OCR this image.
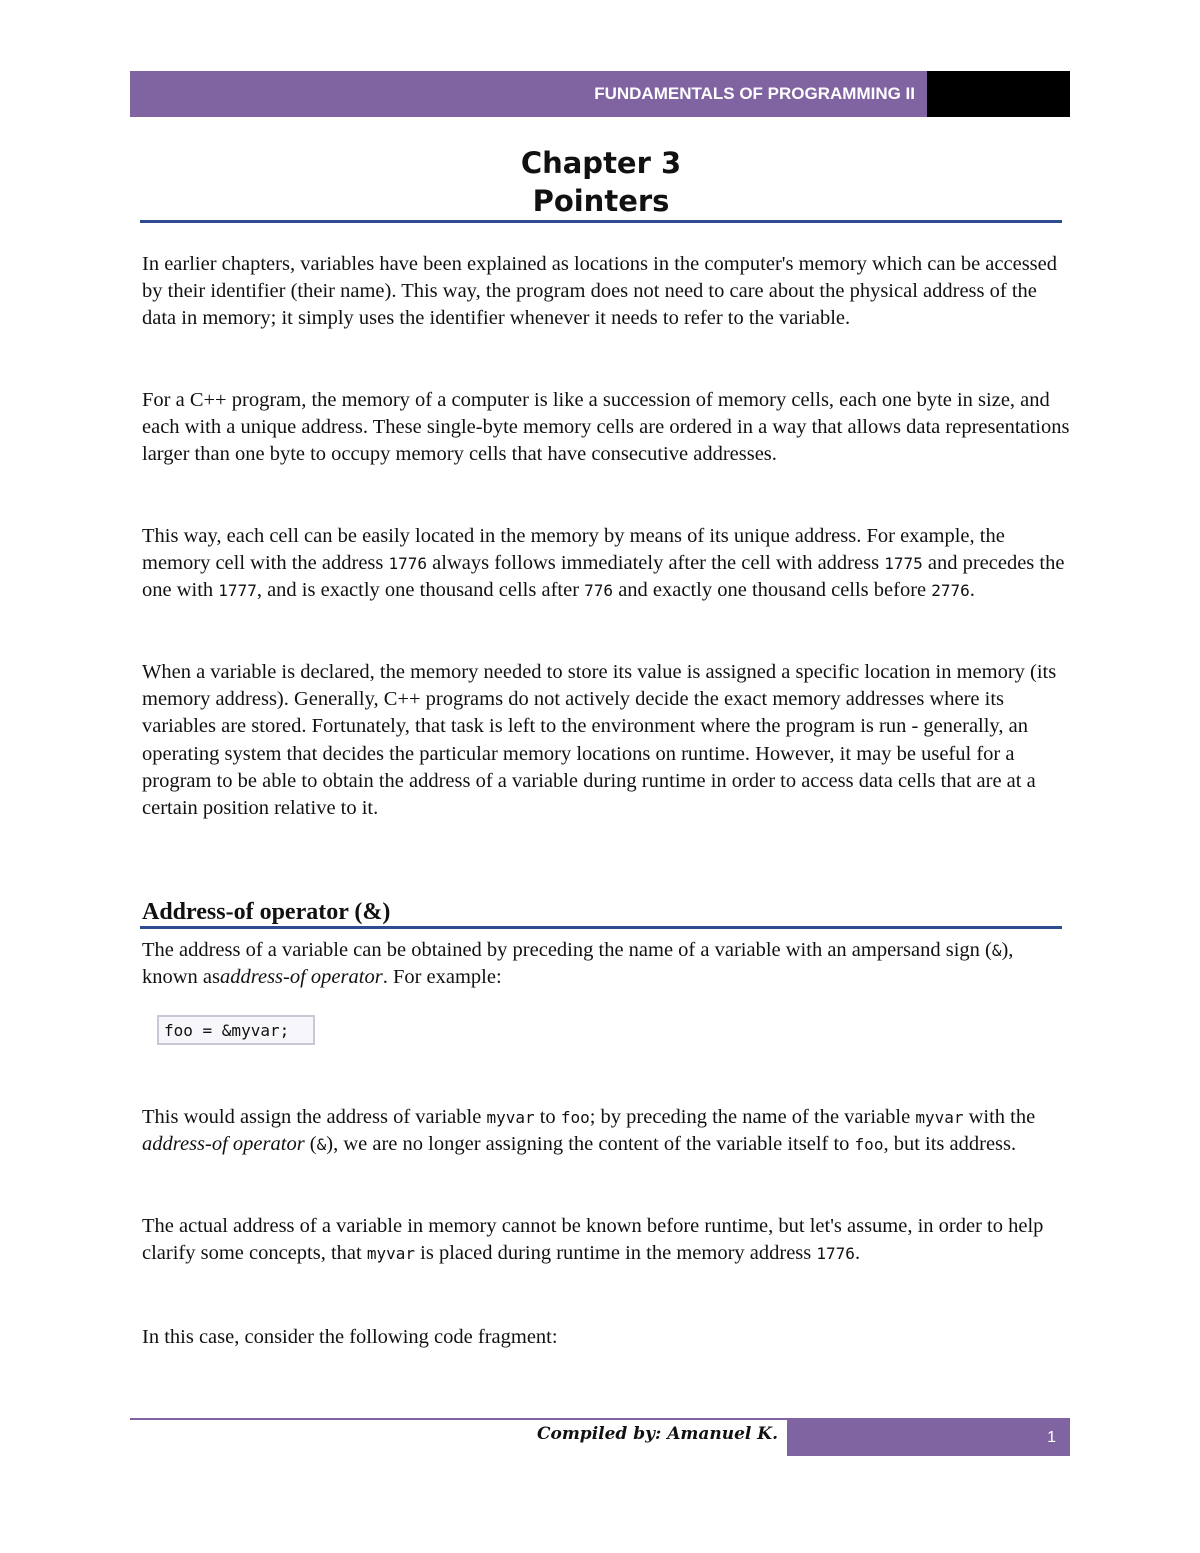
FUNDAMENTALS OF PROGRAMMING II
Chapter 3
Pointers

In earlier chapters, variables have been explained as locations in the computer's memory which can be accessed by their identifier (their name). This way, the program does not need to care about the physical address of the data in memory; it simply uses the identifier whenever it needs to refer to the variable.

For a C++ program, the memory of a computer is like a succession of memory cells, each one byte in size, and each with a unique address. These single-byte memory cells are ordered in a way that allows data representations larger than one byte to occupy memory cells that have consecutive addresses.

This way, each cell can be easily located in the memory by means of its unique address. For example, the memory cell with the address 1776 always follows immediately after the cell with address 1775 and precedes the one with 1777, and is exactly one thousand cells after 776 and exactly one thousand cells before 2776.

When a variable is declared, the memory needed to store its value is assigned a specific location in memory (its memory address). Generally, C++ programs do not actively decide the exact memory addresses where its variables are stored. Fortunately, that task is left to the environment where the program is run - generally, an operating system that decides the particular memory locations on runtime. However, it may be useful for a program to be able to obtain the address of a variable during runtime in order to access data cells that are at a certain position relative to it.

Address-of operator (&)

The address of a variable can be obtained by preceding the name of a variable with an ampersand sign (&), known asaddress-of operator. For example:

foo = &myvar;

This would assign the address of variable myvar to foo; by preceding the name of the variable myvar with the address-of operator (&), we are no longer assigning the content of the variable itself to foo, but its address.

The actual address of a variable in memory cannot be known before runtime, but let's assume, in order to help clarify some concepts, that myvar is placed during runtime in the memory address 1776.

In this case, consider the following code fragment:

Compiled by: Amanuel K.	1
